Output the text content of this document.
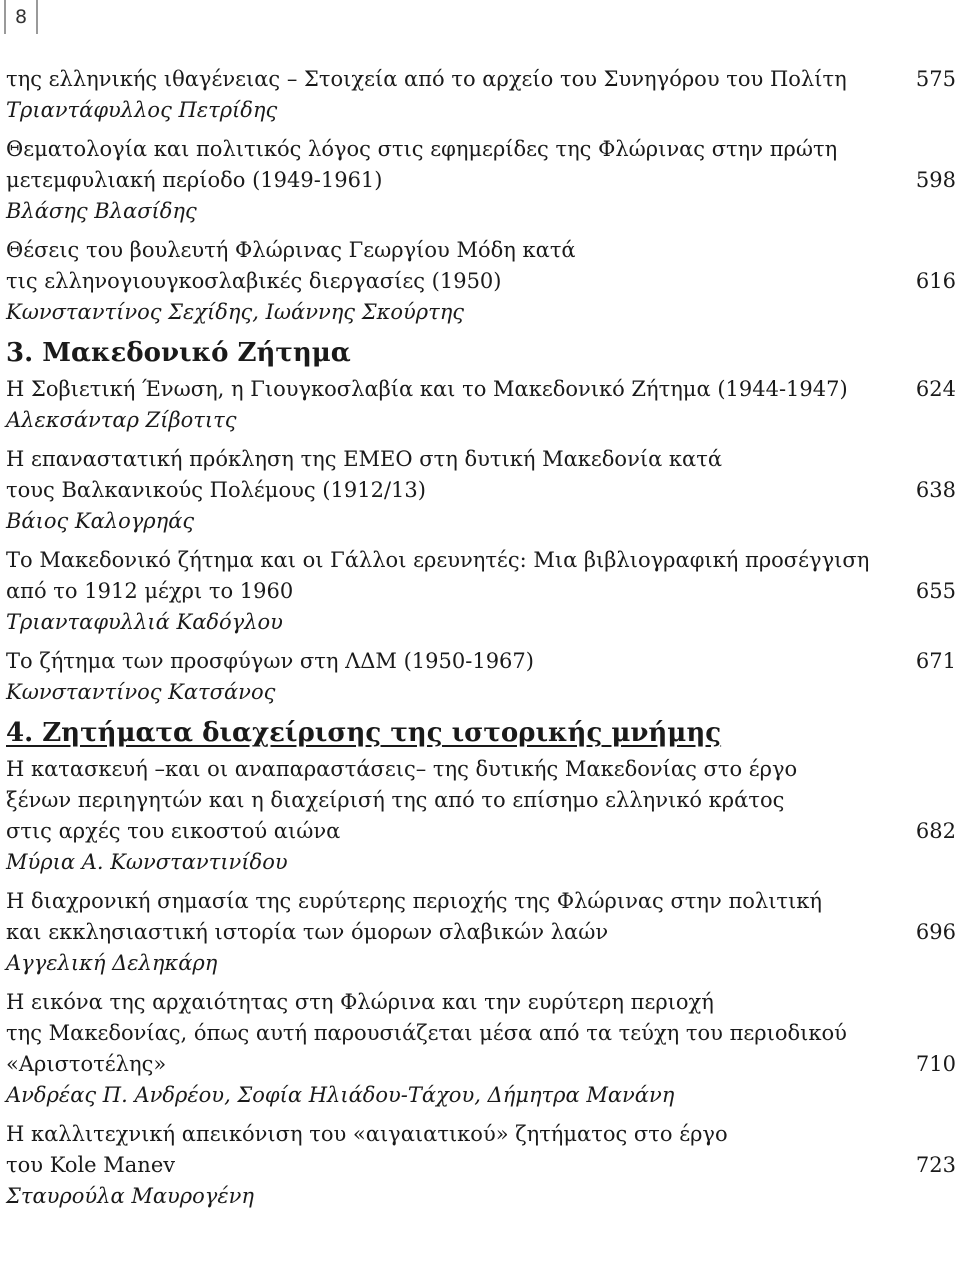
8
της ελληνικής ιθαγένειας – Στοιχεία από το αρχείο του Συνηγόρου του Πολίτη	575
Τριαντάφυλλος Πετρίδης
Θεματολογία και πολιτικός λόγος στις εφημερίδες της Φλώρινας στην πρώτη
μετεμφυλιακή περίοδο (1949-1961)	598
Βλάσης Βλασίδης
Θέσεις του βουλευτή Φλώρινας Γεωργίου Μόδη κατά
τις ελληνογιουγκοσλαβικές διεργασίες (1950)	616
Κωνσταντίνος Σεχίδης, Ιωάννης Σκούρτης
3. Μακεδονικό Ζήτημα
Η Σοβιετική Ένωση, η Γιουγκοσλαβία και το Μακεδονικό Ζήτημα (1944-1947)	624
Αλεκσάνταρ Ζίβοτιτς
Η επαναστατική πρόκληση της ΕΜΕΟ στη δυτική Μακεδονία κατά
τους Βαλκανικούς Πολέμους (1912/13)	638
Βάιος Καλογρηάς
Το Μακεδονικό ζήτημα και οι Γάλλοι ερευνητές: Μια βιβλιογραφική προσέγγιση
από το 1912 μέχρι το 1960	655
Τριανταφυλλιά Καδόγλου
Το ζήτημα των προσφύγων στη ΛΔΜ (1950-1967)	671
Κωνσταντίνος Κατσάνος
4. Ζητήματα διαχείρισης της ιστορικής μνήμης
Η κατασκευή –και οι αναπαραστάσεις– της δυτικής Μακεδονίας στο έργο
ξένων περιηγητών και η διαχείρισή της από το επίσημο ελληνικό κράτος
στις αρχές του εικοστού αιώνα	682
Μύρια Α. Κωνσταντινίδου
Η διαχρονική σημασία της ευρύτερης περιοχής της Φλώρινας στην πολιτική
και εκκλησιαστική ιστορία των όμορων σλαβικών λαών	696
Αγγελική Δεληκάρη
Η εικόνα της αρχαιότητας στη Φλώρινα και την ευρύτερη περιοχή
της Μακεδονίας, όπως αυτή παρουσιάζεται μέσα από τα τεύχη του περιοδικού
«Αριστοτέλης»	710
Ανδρέας Π. Ανδρέου, Σοφία Ηλιάδου-Τάχου, Δήμητρα Μανάνη
Η καλλιτεχνική απεικόνιση του «αιγαιατικού» ζητήματος στο έργο
του Kole Manev	723
Σταυρούλα Μαυρογένη
